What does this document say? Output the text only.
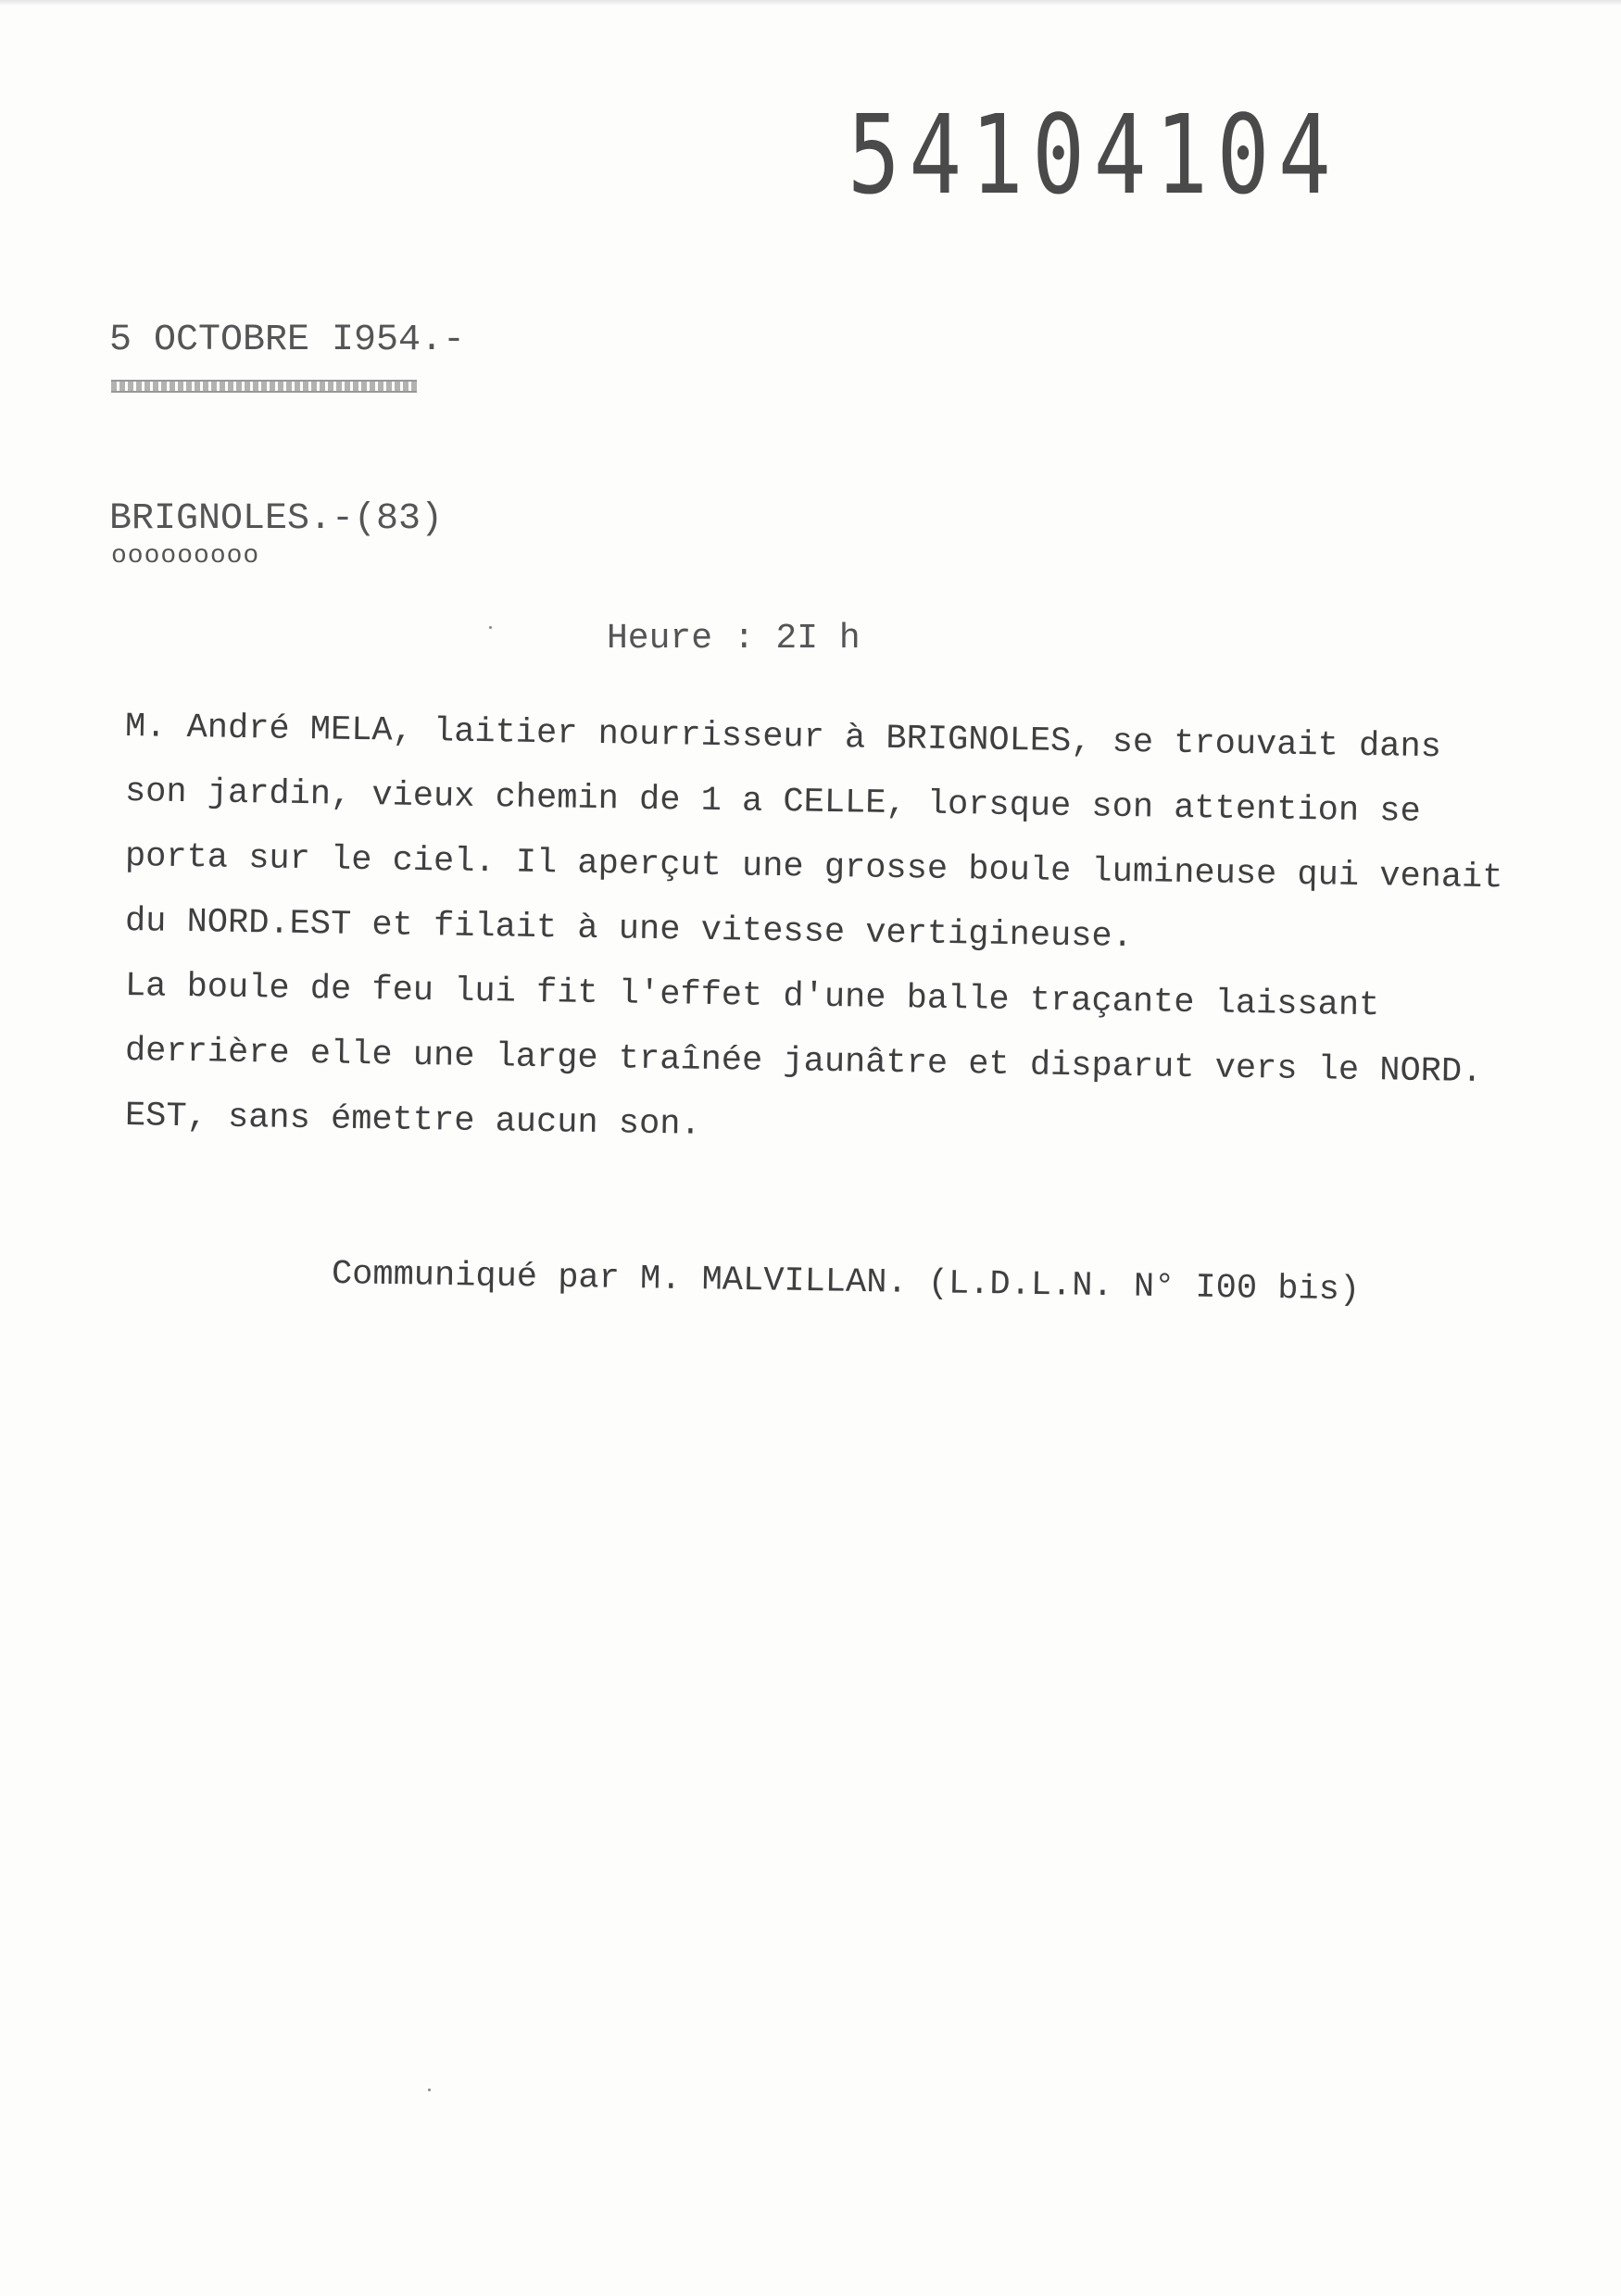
54104104
5 OCTOBRE I954.-
BRIGNOLES.-(83)
ooooooooo
Heure : 2I h
M. André MELA, laitier nourrisseur à BRIGNOLES, se trouvait dans
son jardin, vieux chemin de 1 a CELLE, lorsque son attention se
porta sur le ciel. Il aperçut une grosse boule lumineuse qui venait
du NORD.EST et filait à une vitesse vertigineuse.
La boule de feu lui fit l'effet d'une balle traçante laissant
derrière elle une large traînée jaunâtre et disparut vers le NORD.
EST, sans émettre aucun son.
Communiqué par M. MALVILLAN. (L.D.L.N. N° I00 bis)
